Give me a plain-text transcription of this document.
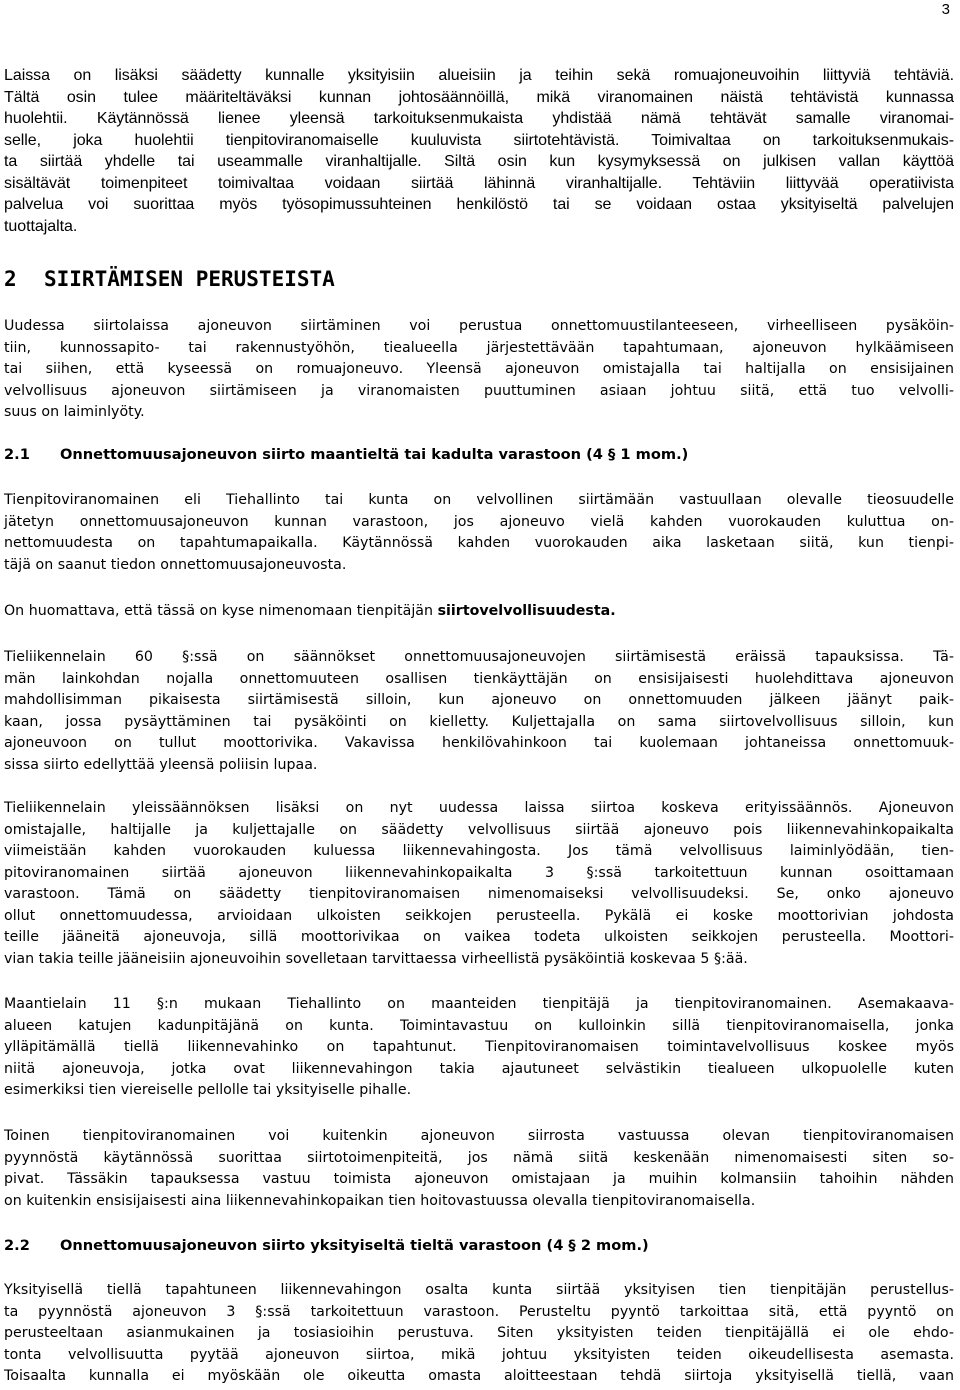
3

Laissa on lisäksi säädetty kunnalle yksityisiin alueisiin ja teihin sekä romuajoneuvoihin liittyviä tehtäviä.
Tältä osin tulee määriteltäväksi kunnan johtosäännöillä, mikä viranomainen näistä tehtävistä kunnassa
huolehtii. Käytännössä lienee yleensä tarkoituksenmukaista yhdistää nämä tehtävät samalle viranomai-
selle, joka huolehtii tienpitoviranomaiselle kuuluvista siirtotehtävistä. Toimivaltaa on tarkoituksenmukais-
ta siirtää yhdelle tai useammalle viranhaltijalle. Siltä osin kun kysymyksessä on julkisen vallan käyttöä
sisältävät toimenpiteet toimivaltaa voidaan siirtää lähinnä viranhaltijalle. Tehtäviin liittyvää operatiivista
palvelua voi suorittaa myös työsopimussuhteinen henkilöstö tai se voidaan ostaa yksityiseltä palvelujen
tuottajalta.

2 SIIRTÄMISEN PERUSTEISTA

Uudessa siirtolaissa ajoneuvon siirtäminen voi perustua onnettomuustilanteeseen, virheelliseen pysäköin-
tiin, kunnossapito- tai rakennustyöhön, tiealueella järjestettävään tapahtumaan, ajoneuvon hylkäämiseen
tai siihen, että kyseessä on romuajoneuvo. Yleensä ajoneuvon omistajalla tai haltijalla on ensisijainen
velvollisuus ajoneuvon siirtämiseen ja viranomaisten puuttuminen asiaan johtuu siitä, että tuo velvolli-
suus on laiminlyöty.

2.1 Onnettomuusajoneuvon siirto maantieltä tai kadulta varastoon (4 § 1 mom.)

Tienpitoviranomainen eli Tiehallinto tai kunta on velvollinen siirtämään vastuullaan olevalle tieosuudelle
jätetyn onnettomuusajoneuvon kunnan varastoon, jos ajoneuvo vielä kahden vuorokauden kuluttua on-
nettomuudesta on tapahtumapaikalla. Käytännössä kahden vuorokauden aika lasketaan siitä, kun tienpi-
täjä on saanut tiedon onnettomuusajoneuvosta.

On huomattava, että tässä on kyse nimenomaan tienpitäjän siirtovelvollisuudesta.

Tieliikennelain 60 §:ssä on säännökset onnettomuusajoneuvojen siirtämisestä eräissä tapauksissa. Tä-
män lainkohdan nojalla onnettomuuteen osallisen tienkäyttäjän on ensisijaisesti huolehdittava ajoneuvon
mahdollisimman pikaisesta siirtämisestä silloin, kun ajoneuvo on onnettomuuden jälkeen jäänyt paik-
kaan, jossa pysäyttäminen tai pysäköinti on kielletty. Kuljettajalla on sama siirtovelvollisuus silloin, kun
ajoneuvoon on tullut moottorivika. Vakavissa henkilövahinkoon tai kuolemaan johtaneissa onnettomuuk-
sissa siirto edellyttää yleensä poliisin lupaa.

Tieliikennelain yleissäännöksen lisäksi on nyt uudessa laissa siirtoa koskeva erityissäännös. Ajoneuvon
omistajalle, haltijalle ja kuljettajalle on säädetty velvollisuus siirtää ajoneuvo pois liikennevahinkopaikalta
viimeistään kahden vuorokauden kuluessa liikennevahingosta. Jos tämä velvollisuus laiminlyödään, tien-
pitoviranomainen siirtää ajoneuvon liikennevahinkopaikalta 3 §:ssä tarkoitettuun kunnan osoittamaan
varastoon. Tämä on säädetty tienpitoviranomaisen nimenomaiseksi velvollisuudeksi. Se, onko ajoneuvo
ollut onnettomuudessa, arvioidaan ulkoisten seikkojen perusteella. Pykälä ei koske moottorivian johdosta
teille jääneitä ajoneuvoja, sillä moottorivikaa on vaikea todeta ulkoisten seikkojen perusteella. Moottori-
vian takia teille jääneisiin ajoneuvoihin sovelletaan tarvittaessa virheellistä pysäköintiä koskevaa 5 §:ää.

Maantielain 11 §:n mukaan Tiehallinto on maanteiden tienpitäjä ja tienpitoviranomainen. Asemakaava-
alueen katujen kadunpitäjänä on kunta. Toimintavastuu on kulloinkin sillä tienpitoviranomaisella, jonka
ylläpitämällä tiellä liikennevahinko on tapahtunut. Tienpitoviranomaisen toimintavelvollisuus koskee myös
niitä ajoneuvoja, jotka ovat liikennevahingon takia ajautuneet selvästikin tiealueen ulkopuolelle kuten
esimerkiksi tien viereiselle pellolle tai yksityiselle pihalle.

Toinen tienpitoviranomainen voi kuitenkin ajoneuvon siirrosta vastuussa olevan tienpitoviranomaisen
pyynnöstä käytännössä suorittaa siirtotoimenpiteitä, jos nämä siitä keskenään nimenomaisesti siten so-
pivat. Tässäkin tapauksessa vastuu toimista ajoneuvon omistajaan ja muihin kolmansiin tahoihin nähden
on kuitenkin ensisijaisesti aina liikennevahinkopaikan tien hoitovastuussa olevalla tienpitoviranomaisella.

2.2 Onnettomuusajoneuvon siirto yksityiseltä tieltä varastoon (4 § 2 mom.)

Yksityisellä tiellä tapahtuneen liikennevahingon osalta kunta siirtää yksityisen tien tienpitäjän perustellus-
ta pyynnöstä ajoneuvon 3 §:ssä tarkoitettuun varastoon. Perusteltu pyyntö tarkoittaa sitä, että pyyntö on
perusteeltaan asianmukainen ja tosiasioihin perustuva. Siten yksityisten teiden tienpitäjällä ei ole ehdo-
tonta velvollisuutta pyytää ajoneuvon siirtoa, mikä johtuu yksityisten teiden oikeudellisesta asemasta.
Toisaalta kunnalla ei myöskään ole oikeutta omasta aloitteestaan tehdä siirtoja yksityisellä tiellä, vaan
